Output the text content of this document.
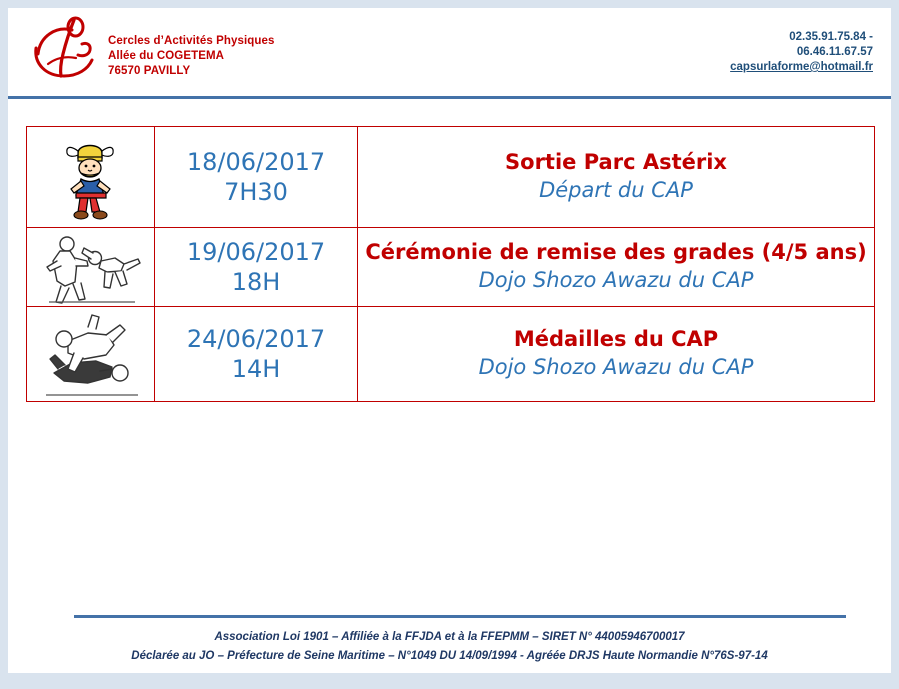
Cercles d’Activités Physiques
Allée du COGETEMA
76570 PAVILLY
02.35.91.75.84 -
06.46.11.67.57
capsurlaforme@hotmail.fr

18/06/2017
7H30

Sortie Parc Astérix
Départ du CAP

19/06/2017
18H

Cérémonie de remise des grades (4/5 ans)
Dojo Shozo Awazu du CAP

24/06/2017
14H

Médailles du CAP
Dojo Shozo Awazu du CAP
Association Loi 1901 – Affiliée à la FFJDA et à la FFEPMM – SIRET N° 44005946700017
Déclarée au JO – Préfecture de Seine Maritime – N°1049 DU 14/09/1994 - Agréée DRJS Haute Normandie N°76S-97-14
